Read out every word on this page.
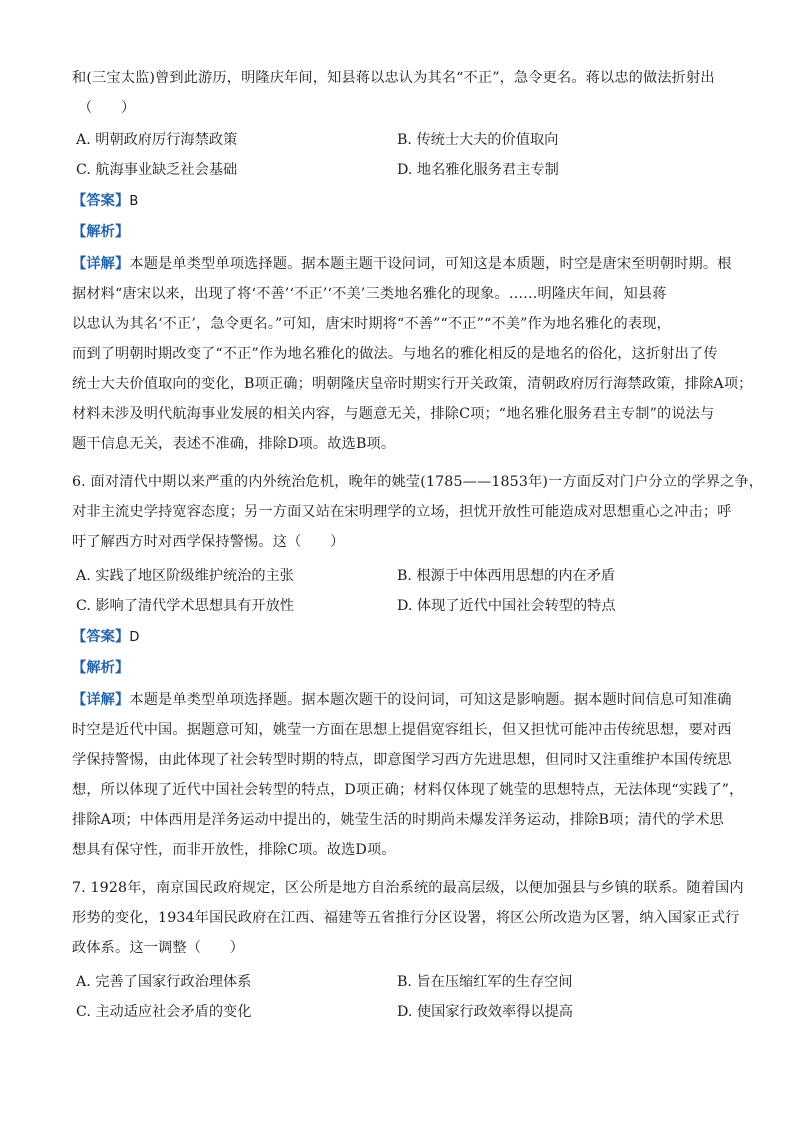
和(三宝太监)曾到此游历，明隆庆年间，知县蒋以忠认为其名“不正”，急令更名。蒋以忠的做法折射出
（　　）
A. 明朝政府厉行海禁政策	B. 传统士大夫的价值取向
C. 航海事业缺乏社会基础	D. 地名雅化服务君主专制
【答案】B
【解析】
【详解】本题是单类型单项选择题。据本题主题干设问词，可知这是本质题，时空是唐宋至明朝时期。根
据材料“唐宋以来，出现了将‘不善’‘不正’‘不美’三类地名雅化的现象。……明隆庆年间，知县蒋
以忠认为其名‘不正’，急令更名。”可知，唐宋时期将“不善”“不正”“不美”作为地名雅化的表现，
而到了明朝时期改变了“不正”作为地名雅化的做法。与地名的雅化相反的是地名的俗化，这折射出了传
统士大夫价值取向的变化，B项正确；明朝隆庆皇帝时期实行开关政策，清朝政府厉行海禁政策，排除A项；
材料未涉及明代航海事业发展的相关内容，与题意无关，排除C项；“地名雅化服务君主专制”的说法与
题干信息无关，表述不准确，排除D项。故选B项。
6. 面对清代中期以来严重的内外统治危机，晚年的姚莹(1785——1853年)一方面反对门户分立的学界之争，
对非主流史学持宽容态度；另一方面又站在宋明理学的立场，担忧开放性可能造成对思想重心之冲击；呼
吁了解西方时对西学保持警惕。这（　　）
A. 实践了地区阶级维护统治的主张	B. 根源于中体西用思想的内在矛盾
C. 影响了清代学术思想具有开放性	D. 体现了近代中国社会转型的特点
【答案】D
【解析】
【详解】本题是单类型单项选择题。据本题次题干的设问词，可知这是影响题。据本题时间信息可知准确
时空是近代中国。据题意可知，姚莹一方面在思想上提倡宽容组长，但又担忧可能冲击传统思想，要对西
学保持警惕，由此体现了社会转型时期的特点，即意图学习西方先进思想，但同时又注重维护本国传统思
想，所以体现了近代中国社会转型的特点，D项正确；材料仅体现了姚莹的思想特点，无法体现“实践了”，
排除A项；中体西用是洋务运动中提出的，姚莹生活的时期尚未爆发洋务运动，排除B项；清代的学术思
想具有保守性，而非开放性，排除C项。故选D项。
7. 1928年，南京国民政府规定，区公所是地方自治系统的最高层级，以便加强县与乡镇的联系。随着国内
形势的变化，1934年国民政府在江西、福建等五省推行分区设署，将区公所改造为区署，纳入国家正式行
政体系。这一调整（　　）
A. 完善了国家行政治理体系	B. 旨在压缩红军的生存空间
C. 主动适应社会矛盾的变化	D. 使国家行政效率得以提高
